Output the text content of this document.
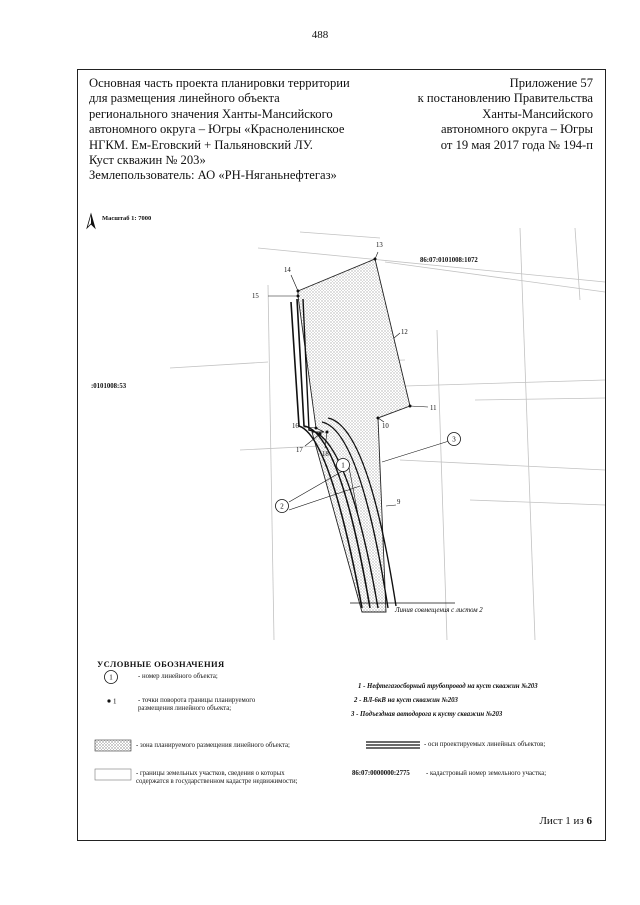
488
Основная часть проекта планировки территории
для размещения линейного объекта
регионального значения Ханты-Мансийского
автономного округа – Югры «Красноленинское
НГКМ. Ем-Еговский + Пальяновский ЛУ.
Куст скважин № 203»
Землепользователь: АО «РН-Няганьнефтегаз»
Приложение 57
к постановлению Правительства
Ханты-Мансийского
автономного округа – Югры
от 19 мая 2017 года № 194-п
Линия совмещения с листом 2
13
14
15
12
11
10
16
17
18
9
86:07:0101008:1072
:0101008:53
2
1
3
Масштаб 1: 7000
УСЛОВНЫЕ ОБОЗНАЧЕНИЯ
1
1
- номер линейного объекта;
- точки поворота границы планируемого
размещения линейного объекта;
- зона планируемого размещения линейного объекта;
- границы земельных участков, сведения о которых
содержатся в государственном кадастре недвижимости;
1 - Нефтегазосборный трубопровод на куст скважин №203
2 - ВЛ-6кВ на куст скважин №203
3 - Подъездная автодорога к кусту скважин №203
- оси проектируемых линейных объектов;
86:07:0000000:2775 - кадастровый номер земельного участка;
Лист 1 из 6
